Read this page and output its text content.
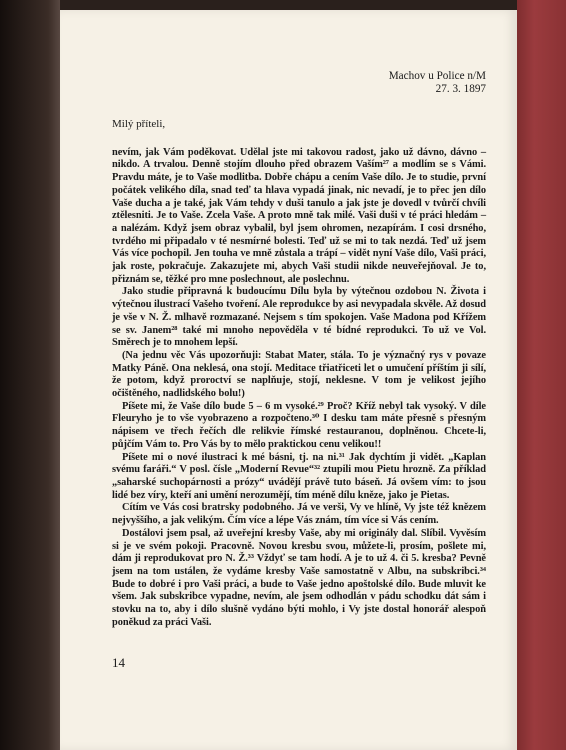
Machov u Police n/M

27. 3. 1897

Milý příteli,

nevím, jak Vám poděkovat. Udělal jste mi takovou radost, jako už dávno, dávno – nikdo. A trvalou. Denně stojím dlouho před obrazem Vaším²⁷ a modlím se s Vámi. Pravdu máte, je to Vaše modlitba. Dobře chápu a cením Vaše dílo. Je to studie, první počátek velikého díla, snad teď ta hlava vypadá jinak, nic nevadí, je to přec jen dílo Vaše ducha a je také, jak Vám tehdy v duši tanulo a jak jste je dovedl v tvůrčí chvíli ztělesniti. Je to Vaše. Zcela Vaše. A proto mně tak milé. Vaši duši v té práci hledám – a nalézám. Když jsem obraz vybalil, byl jsem ohromen, nezapírám. I cosi drsného, tvrdého mi připadalo v té nesmírné bolesti. Teď už se mi to tak nezdá. Teď už jsem Vás více pochopil. Jen touha ve mně zůstala a trápí – vidět nyní Vaše dílo, Vaši práci, jak roste, pokračuje. Zakazujete mi, abych Vaši studii nikde neuveřejňoval. Je to, přiznám se, těžké pro mne poslechnout, ale poslechnu.

Jako studie připravná k budoucímu Dílu byla by výtečnou ozdobou N. Života i výtečnou ilustrací Vašeho tvoření. Ale reprodukce by asi nevypadala skvěle. Až dosud je vše v N. Ž. mlhavě rozmazané. Nejsem s tím spokojen. Vaše Madona pod Křížem se sv. Janem²⁸ také mi mnoho nepověděla v té bídné reprodukci. To už ve Vol. Směrech je to mnohem lepší.

(Na jednu věc Vás upozorňuji: Stabat Mater, stála. To je význačný rys v povaze Matky Páně. Ona neklesá, ona stojí. Meditace třiatřiceti let o umučení příštím ji sílí, že potom, když proroctví se naplňuje, stojí, neklesne. V tom je velikost jejího očištěného, nadlidského bolu!)

Píšete mi, že Vaše dílo bude 5 – 6 m vysoké.²⁹ Proč? Kříž nebyl tak vysoký. V díle Fleuryho je to vše vyobrazeno a rozpočteno.³⁰ I desku tam máte přesně s přesným nápisem ve třech řečích dle relikvie římské restauranou, doplněnou. Chcete-li, půjčím Vám to. Pro Vás by to mělo praktickou cenu velikou!!

Píšete mi o nové ilustraci k mé básni, tj. na ni.³¹ Jak dychtím ji vidět. „Kaplan svému faráři.“ V posl. čísle „Moderní Revue“³² ztupili mou Pietu hrozně. Za příklad „saharské suchopárnosti a prózy“ uvádějí právě tuto báseň. Já ovšem vím: to jsou lidé bez víry, kteří ani umění nerozumějí, tím méně dílu kněze, jako je Pietas.

Cítím ve Vás cosi bratrsky podobného. Já ve verši, Vy ve hlíně, Vy jste též knězem nejvyššího, a jak velikým. Čím více a lépe Vás znám, tím více si Vás cením.

Dostálovi jsem psal, až uveřejní kresby Vaše, aby mi originály dal. Slíbil. Vyvěsím si je ve svém pokoji. Pracovně. Novou kresbu svou, můžete-li, prosím, pošlete mi, dám ji reprodukovat pro N. Ž.³³ Vždyť se tam hodí. A je to už 4. či 5. kresba? Pevně jsem na tom ustálen, že vydáme kresby Vaše samostatně v Albu, na subskribci.³⁴ Bude to dobré i pro Vaši práci, a bude to Vaše jedno apoštolské dílo. Bude mluvit ke všem. Jak subskribce vypadne, nevím, ale jsem odhodlán v pádu schodku dát sám i stovku na to, aby i dílo slušně vydáno býti mohlo, i Vy jste dostal honorář alespoň poněkud za práci Vaši.

14
